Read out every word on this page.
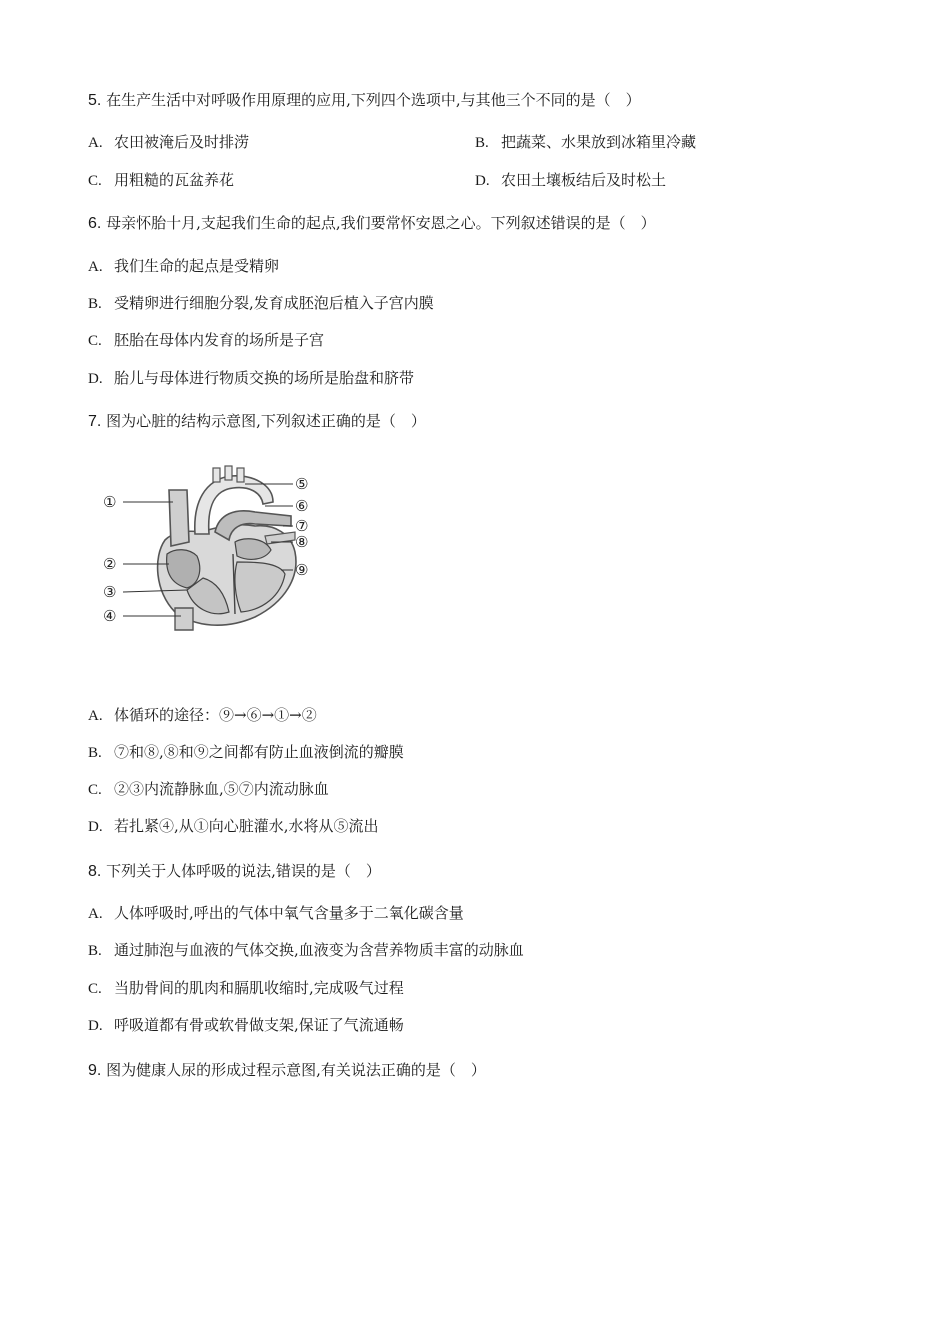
5. 在生产生活中对呼吸作用原理的应用,下列四个选项中,与其他三个不同的是（　）
A. 农田被淹后及时排涝	B. 把蔬菜、水果放到冰箱里冷藏
C. 用粗糙的瓦盆养花	D. 农田土壤板结后及时松土
6. 母亲怀胎十月,支起我们生命的起点,我们要常怀安恩之心。下列叙述错误的是（　）
A. 我们生命的起点是受精卵
B. 受精卵进行细胞分裂,发育成胚泡后植入子宫内膜
C. 胚胎在母体内发育的场所是子宫
D. 胎儿与母体进行物质交换的场所是胎盘和脐带
7. 图为心脏的结构示意图,下列叙述正确的是（　）
①
②
③
④
⑤
⑥
⑦
⑧
⑨
A. 体循环的途径：⑨→⑥→①→②
B. ⑦和⑧,⑧和⑨之间都有防止血液倒流的瓣膜
C. ②③内流静脉血,⑤⑦内流动脉血
D. 若扎紧④,从①向心脏灌水,水将从⑤流出
8. 下列关于人体呼吸的说法,错误的是（　）
A. 人体呼吸时,呼出的气体中氧气含量多于二氧化碳含量
B. 通过肺泡与血液的气体交换,血液变为含营养物质丰富的动脉血
C. 当肋骨间的肌肉和膈肌收缩时,完成吸气过程
D. 呼吸道都有骨或软骨做支架,保证了气流通畅
9. 图为健康人尿的形成过程示意图,有关说法正确的是（　）
